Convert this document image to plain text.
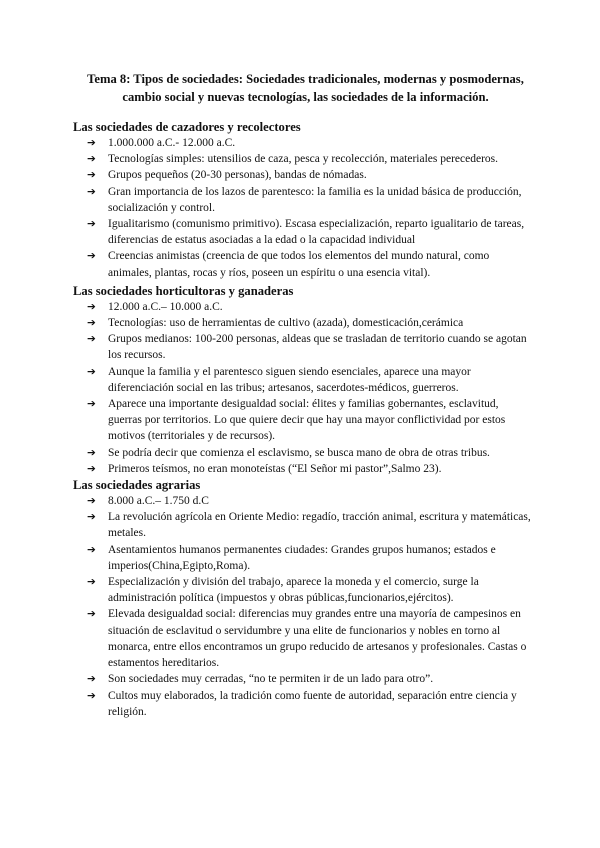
Tema 8: Tipos de sociedades: Sociedades tradicionales, modernas y posmodernas,
cambio social y nuevas tecnologías, las sociedades de la información.
Las sociedades de cazadores y recolectores
➔ 1.000.000 a.C.- 12.000 a.C.
➔ Tecnologías simples: utensilios de caza, pesca y recolección, materiales perecederos.
➔ Grupos pequeños (20-30 personas), bandas de nómadas.
➔ Gran importancia de los lazos de parentesco: la familia es la unidad básica de producción, socialización y control.
➔ Igualitarismo (comunismo primitivo). Escasa especialización, reparto igualitario de tareas, diferencias de estatus asociadas a la edad o la capacidad individual
➔ Creencias animistas (creencia de que todos los elementos del mundo natural, como animales, plantas, rocas y ríos, poseen un espíritu o una esencia vital).
Las sociedades horticultoras y ganaderas
➔ 12.000 a.C.– 10.000 a.C.
➔ Tecnologías: uso de herramientas de cultivo (azada), domesticación,cerámica
➔ Grupos medianos: 100-200 personas, aldeas que se trasladan de territorio cuando se agotan los recursos.
➔ Aunque la familia y el parentesco siguen siendo esenciales, aparece una mayor diferenciación social en las tribus; artesanos, sacerdotes-médicos, guerreros.
➔ Aparece una importante desigualdad social: élites y familias gobernantes, esclavitud, guerras por territorios. Lo que quiere decir que hay una mayor conflictividad por estos motivos (territoriales y de recursos).
➔ Se podría decir que comienza el esclavismo, se busca mano de obra de otras tribus.
➔ Primeros teísmos, no eran monoteístas (“El Señor mi pastor”,Salmo 23).
Las sociedades agrarias
➔ 8.000 a.C.– 1.750 d.C
➔ La revolución agrícola en Oriente Medio: regadío, tracción animal, escritura y matemáticas, metales.
➔ Asentamientos humanos permanentes ciudades: Grandes grupos humanos; estados e imperios(China,Egipto,Roma).
➔ Especialización y división del trabajo, aparece la moneda y el comercio, surge la administración política (impuestos y obras públicas,funcionarios,ejércitos).
➔ Elevada desigualdad social: diferencias muy grandes entre una mayoría de campesinos en situación de esclavitud o servidumbre y una elite de funcionarios y nobles en torno al monarca, entre ellos encontramos un grupo reducido de artesanos y profesionales. Castas o estamentos hereditarios.
➔ Son sociedades muy cerradas, “no te permiten ir de un lado para otro”.
➔ Cultos muy elaborados, la tradición como fuente de autoridad, separación entre ciencia y religión.
